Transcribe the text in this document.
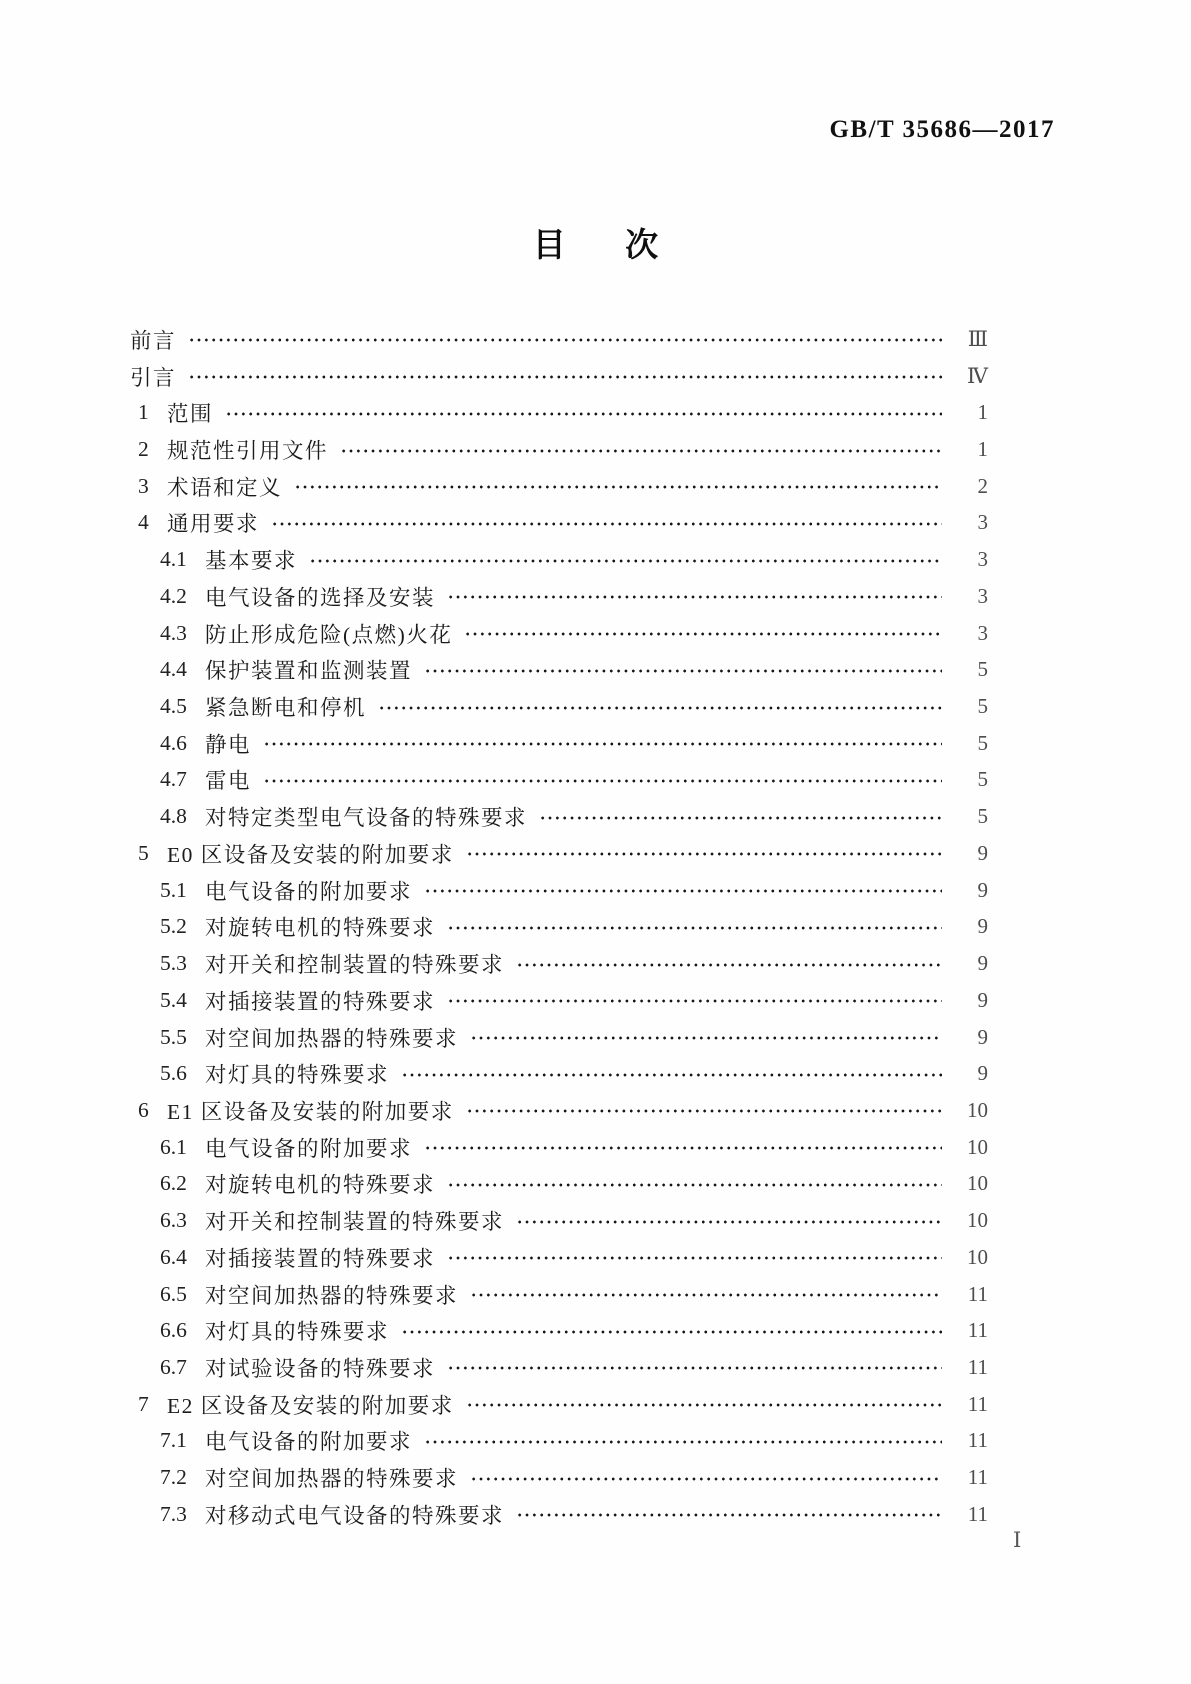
GB/T 35686—2017
目次
前言	Ⅲ
引言	Ⅳ
1 范围	1
2 规范性引用文件	1
3 术语和定义	2
4 通用要求	3
4.1 基本要求	3
4.2 电气设备的选择及安装	3
4.3 防止形成危险(点燃)火花	3
4.4 保护装置和监测装置	5
4.5 紧急断电和停机	5
4.6 静电	5
4.7 雷电	5
4.8 对特定类型电气设备的特殊要求	5
5 E0 区设备及安装的附加要求	9
5.1 电气设备的附加要求	9
5.2 对旋转电机的特殊要求	9
5.3 对开关和控制装置的特殊要求	9
5.4 对插接装置的特殊要求	9
5.5 对空间加热器的特殊要求	9
5.6 对灯具的特殊要求	9
6 E1 区设备及安装的附加要求	10
6.1 电气设备的附加要求	10
6.2 对旋转电机的特殊要求	10
6.3 对开关和控制装置的特殊要求	10
6.4 对插接装置的特殊要求	10
6.5 对空间加热器的特殊要求	11
6.6 对灯具的特殊要求	11
6.7 对试验设备的特殊要求	11
7 E2 区设备及安装的附加要求	11
7.1 电气设备的附加要求	11
7.2 对空间加热器的特殊要求	11
7.3 对移动式电气设备的特殊要求	11
Ⅰ
